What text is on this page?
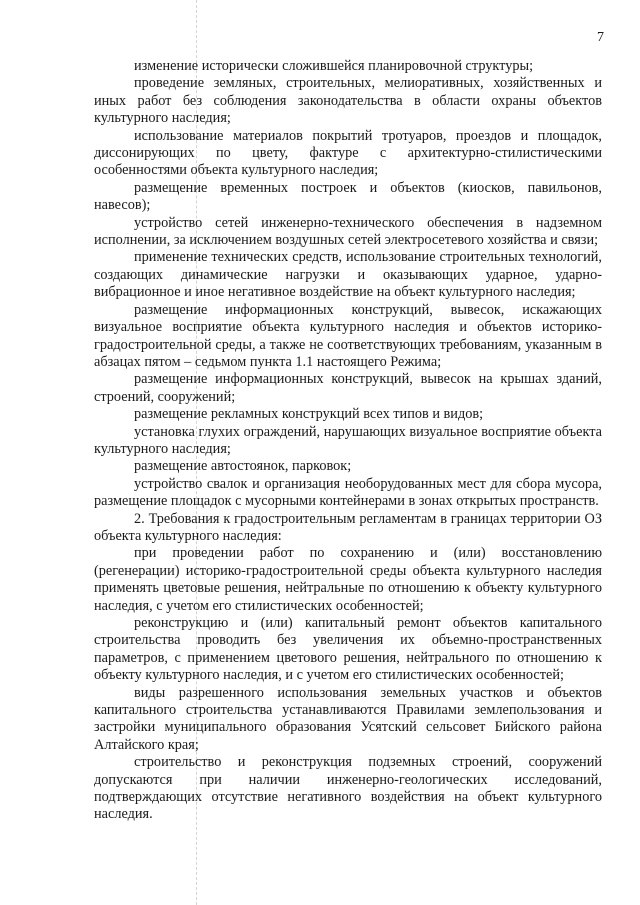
7

изменение исторически сложившейся планировочной структуры;

проведение земляных, строительных, мелиоративных, хозяйственных и иных работ без соблюдения законодательства в области охраны объектов культурного наследия;

использование материалов покрытий тротуаров, проездов и площадок, диссонирующих по цвету, фактуре с архитектурно-стилистическими особенностями объекта культурного наследия;

размещение временных построек и объектов (киосков, павильонов, навесов);

устройство сетей инженерно-технического обеспечения в надземном исполнении, за исключением воздушных сетей электросетевого хозяйства и связи;

применение технических средств, использование строительных технологий, создающих динамические нагрузки и оказывающих ударное, ударно-вибрационное и иное негативное воздействие на объект культурного наследия;

размещение информационных конструкций, вывесок, искажающих визуальное восприятие объекта культурного наследия и объектов историко-градостроительной среды, а также не соответствующих требованиям, указанным в абзацах пятом – седьмом пункта 1.1 настоящего Режима;

размещение информационных конструкций, вывесок на крышах зданий, строений, сооружений;

размещение рекламных конструкций всех типов и видов;

установка глухих ограждений, нарушающих визуальное восприятие объекта культурного наследия;

размещение автостоянок, парковок;

устройство свалок и организация необорудованных мест для сбора мусора, размещение площадок с мусорными контейнерами в зонах открытых пространств.

2. Требования к градостроительным регламентам в границах территории ОЗ объекта культурного наследия:

при проведении работ по сохранению и (или) восстановлению (регенерации) историко-градостроительной среды объекта культурного наследия применять цветовые решения, нейтральные по отношению к объекту культурного наследия, с учетом его стилистических особенностей;

реконструкцию и (или) капитальный ремонт объектов капитального строительства проводить без увеличения их объемно-пространственных параметров, с применением цветового решения, нейтрального по отношению к объекту культурного наследия, и с учетом его стилистических особенностей;

виды разрешенного использования земельных участков и объектов капитального строительства устанавливаются Правилами землепользования и застройки муниципального образования Усятский сельсовет Бийского района Алтайского края;

строительство и реконструкция подземных строений, сооружений допускаются при наличии инженерно-геологических исследований, подтверждающих отсутствие негативного воздействия на объект культурного наследия.
